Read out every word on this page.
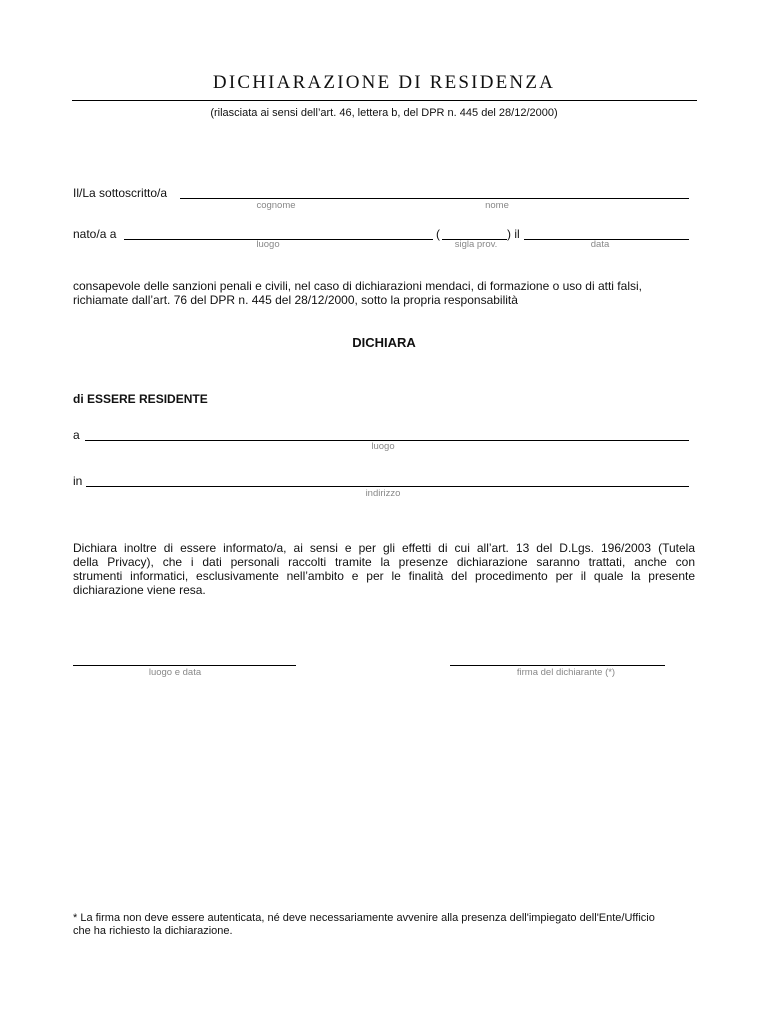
DICHIARAZIONE DI RESIDENZA
(rilasciata ai sensi dell’art. 46, lettera b, del DPR n. 445 del 28/12/2000)
Il/La sottoscritto/a
cognome	nome
nato/a a
luogo
(
sigla prov.
) il
data
consapevole delle sanzioni penali e civili, nel caso di dichiarazioni mendaci, di formazione o uso di atti falsi,
richiamate dall’art. 76 del DPR n. 445 del 28/12/2000, sotto la propria responsabilità
DICHIARA
di ESSERE RESIDENTE
a
luogo
in
indirizzo
Dichiara inoltre di essere informato/a, ai sensi e per gli effetti di cui all’art. 13 del D.Lgs. 196/2003 (Tutela
della Privacy), che i dati personali raccolti tramite la presenze dichiarazione saranno trattati, anche con
strumenti informatici, esclusivamente nell’ambito e per le finalità del procedimento per il quale la presente
dichiarazione viene resa.
luogo e data	firma del dichiarante (*)
* La firma non deve essere autenticata, né deve necessariamente avvenire alla presenza dell'impiegato dell'Ente/Ufficio
che ha richiesto la dichiarazione.
